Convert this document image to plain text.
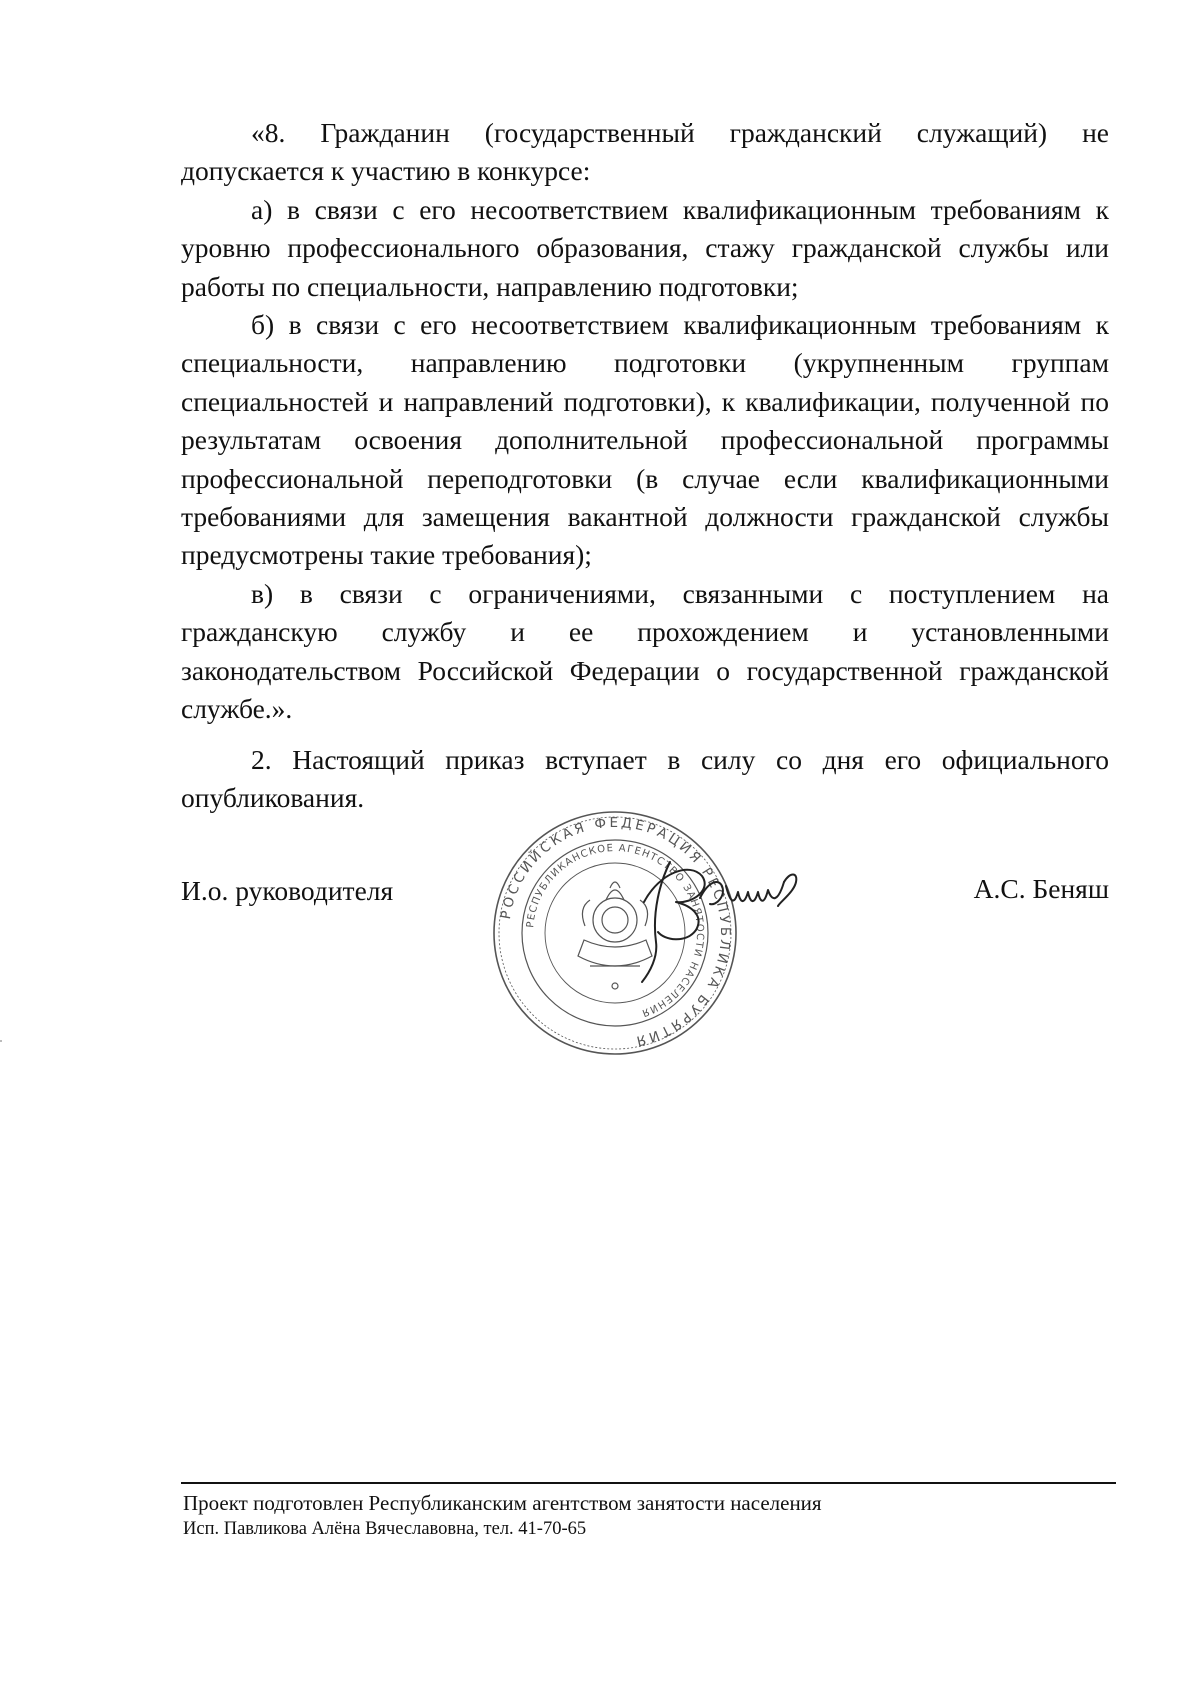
«8. Гражданин (государственный гражданский служащий) не допускается к участию в конкурсе:

а) в связи с его несоответствием квалификационным требованиям к уровню профессионального образования, стажу гражданской службы или работы по специальности, направлению подготовки;

б) в связи с его несоответствием квалификационным требованиям к специальности, направлению подготовки (укрупненным группам специальностей и направлений подготовки), к квалификации, полученной по результатам освоения дополнительной профессиональной программы профессиональной переподготовки (в случае если квалификационными требованиями для замещения вакантной должности гражданской службы предусмотрены такие требования);

в) в связи с ограничениями, связанными с поступлением на гражданскую службу и ее прохождением и установленными законодательством Российской Федерации о государственной гражданской службе.».

2. Настоящий приказ вступает в силу со дня его официального опубликования.

И.о. руководителя
РОССИЙСКАЯ ФЕДЕРАЦИЯ РЕСПУБЛИКА БУРЯТИЯ
РЕСПУБЛИКАНСКОЕ АГЕНТСТВО ЗАНЯТОСТИ НАСЕЛЕНИЯ
А.С. Беняш
Проект подготовлен Республиканским агентством занятости населения
Исп. Павликова Алёна Вячеславовна, тел. 41-70-65
